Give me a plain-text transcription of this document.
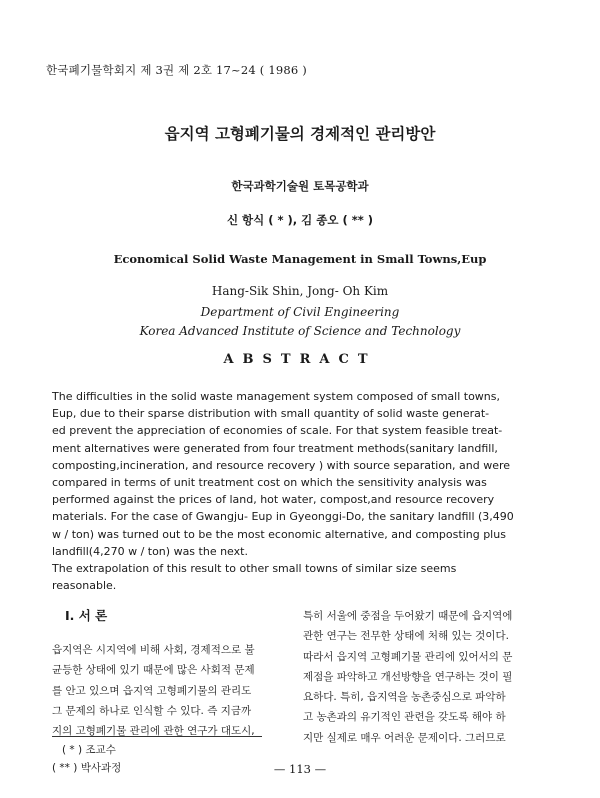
한국폐기물학회지 제 3권 제 2호 17~24 ( 1986 )
읍지역 고형폐기물의 경제적인 관리방안
한국과학기술원 토목공학과
신 항식 ( * ), 김 종오 ( ** )
Economical Solid Waste Management in Small Towns,Eup
Hang-Sik Shin, Jong- Oh Kim
Department of Civil Engineering
Korea Advanced Institute of Science and Technology
ABSTRACT
The difficulties in the solid waste management system composed of small towns,
Eup, due to their sparse distribution with small quantity of solid waste generat-
ed prevent the appreciation of economies of scale. For that system feasible treat-
ment alternatives were generated from four treatment methods(sanitary landfill,
composting,incineration, and resource recovery ) with source separation, and were
compared in terms of unit treatment cost on which the sensitivity analysis was
performed against the prices of land, hot water, compost,and resource recovery
materials. For the case of Gwangju- Eup in Gyeonggi-Do, the sanitary landfill (3,490
w / ton) was turned out to be the most economic alternative, and composting plus
landfill(4,270 w / ton) was the next.
The extrapolation of this result to other small towns of similar size seems
reasonable.
I. 서 론
읍지역은 시지역에 비해 사회, 경제적으로 불
균등한 상태에 있기 때문에 많은 사회적 문제
를 안고 있으며 읍지역 고형폐기물의 관리도
그 문제의 하나로 인식할 수 있다. 즉 지금까
지의 고형폐기물 관리에 관한 연구가 대도시,
특히 서울에 중점을 두어왔기 때문에 읍지역에
관한 연구는 전무한 상태에 처해 있는 것이다.
따라서 읍지역 고형폐기물 관리에 있어서의 문
제점을 파악하고 개선방향을 연구하는 것이 필
요하다. 특히, 읍지역을 농촌중심으로 파악하
고 농촌과의 유기적인 관련을 갖도록 해야 하
지만 실제로 매우 어려운 문제이다. 그러므로
( * ) 조교수
( ** ) 박사과정	— 113 —
